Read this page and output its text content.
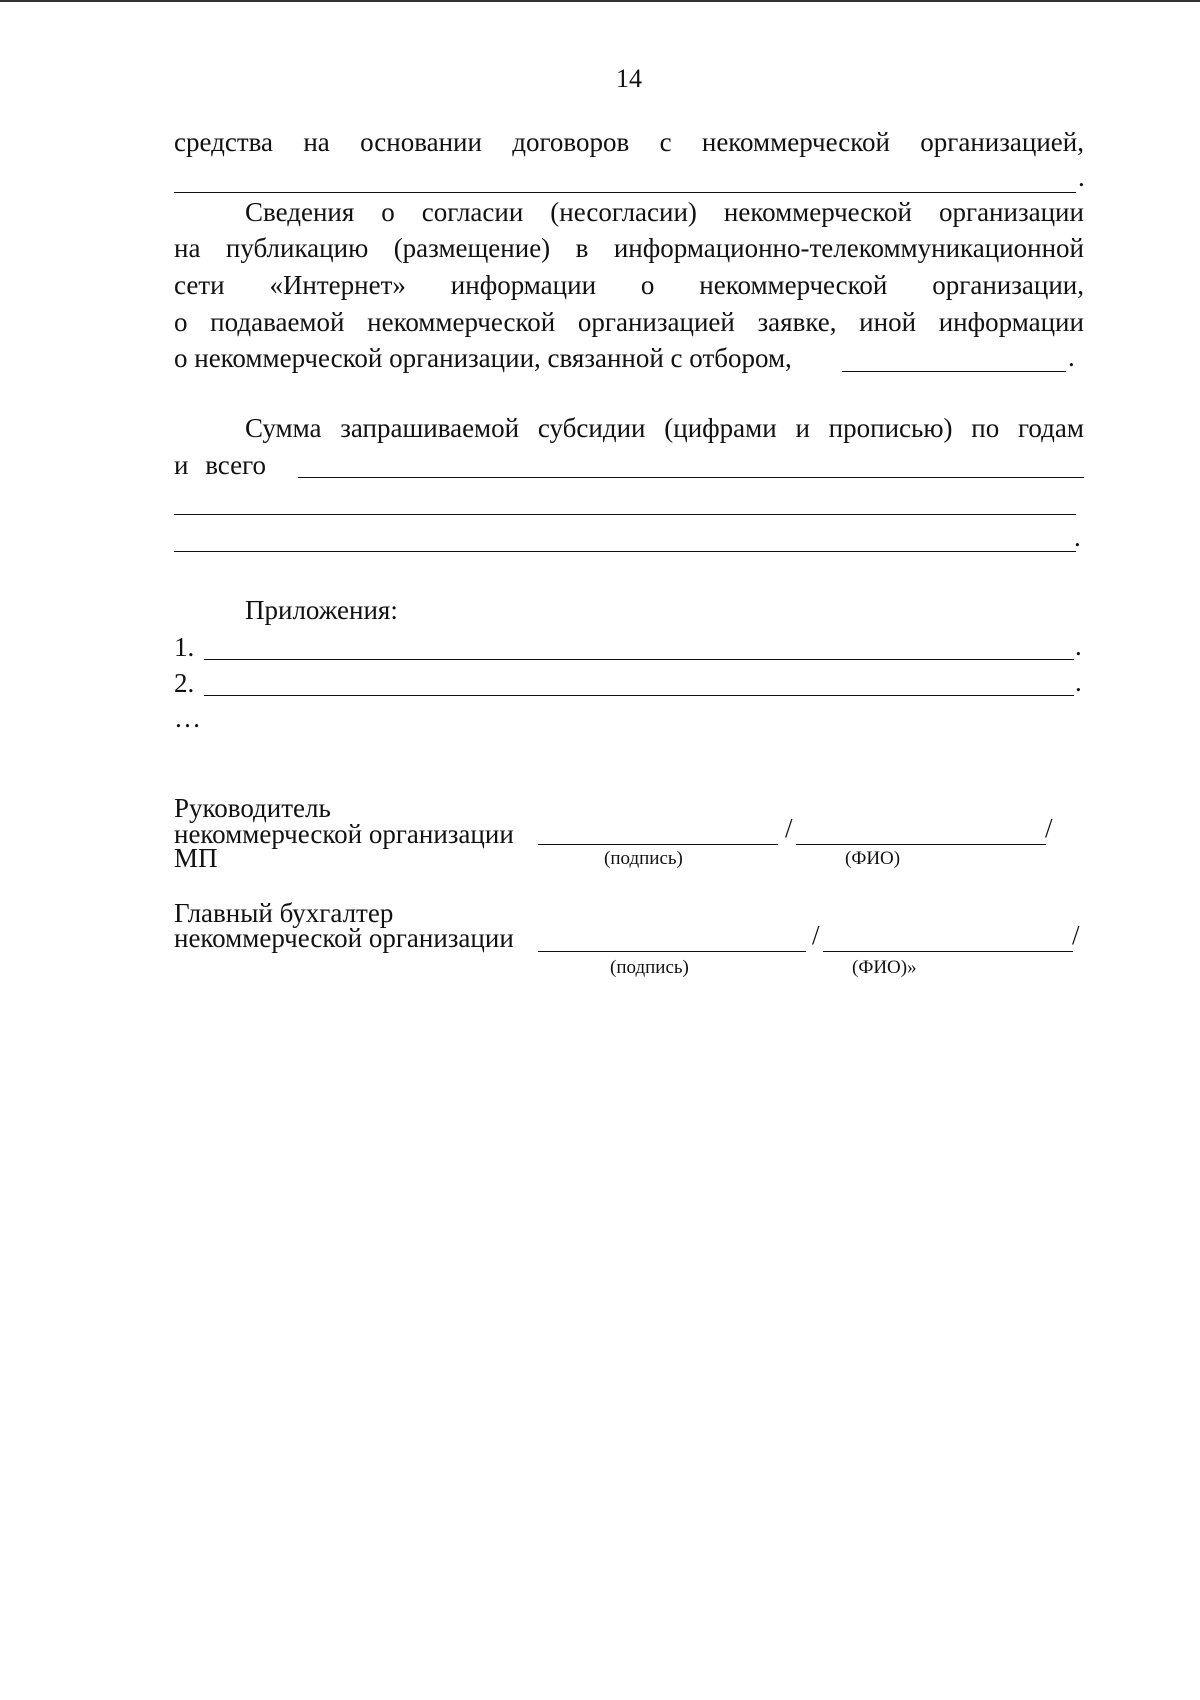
14
средства на основании договоров с некоммерческой организацией,
.
Сведения о согласии (несогласии) некоммерческой организации
на публикацию (размещение) в информационно-телекоммуникационной
сети «Интернет» информации о некоммерческой организации,
о подаваемой некоммерческой организацией заявке, иной информации
о некоммерческой организации, связанной с отбором,	.
Сумма запрашиваемой субсидии (цифрами и прописью) по годам
и всего
.
Приложения:
1.	.
2.	.
…
Руководитель
некоммерческой организации
МП
/	/
(подпись)	(ФИО)
Главный бухгалтер
некоммерческой организации	/	/
(подпись)	(ФИО)»
